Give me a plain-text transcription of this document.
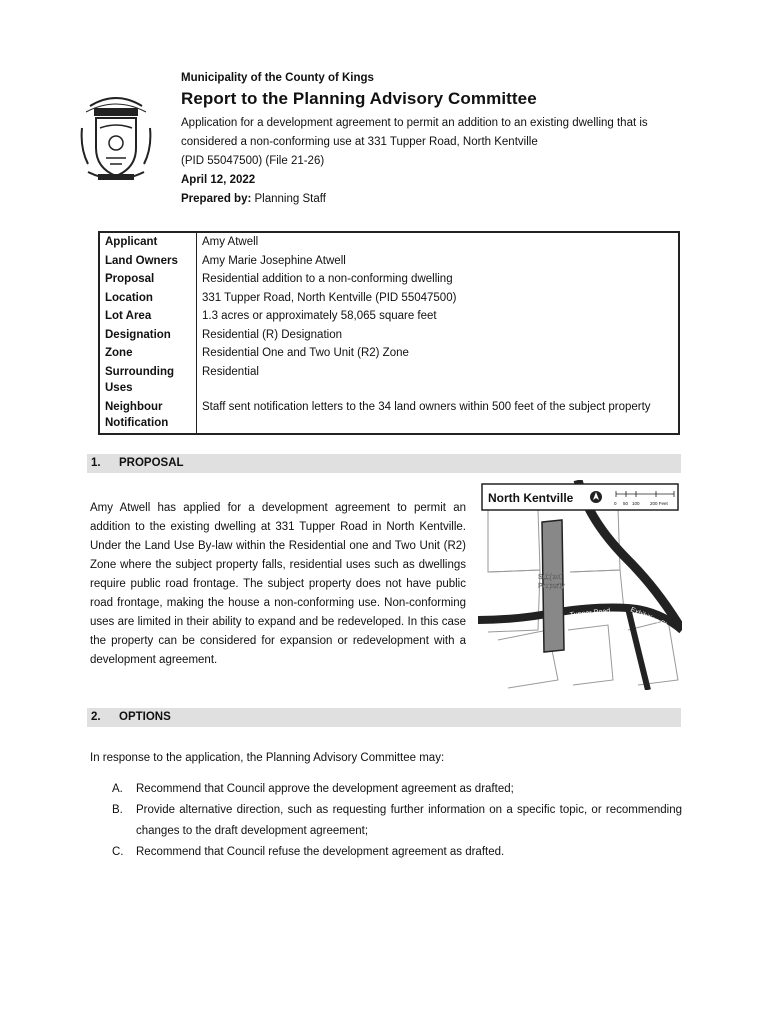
Municipality of the County of Kings

Report to the Planning Advisory Committee

Application for a development agreement to permit an addition to an existing dwelling that is considered a non-conforming use at 331 Tupper Road, North Kentville

(PID 55047500) (File 21-26)
April 12, 2022
Prepared by: Planning Staff
Applicant	Amy Atwell
Land Owners	Amy Marie Josephine Atwell
Proposal	Residential addition to a non-conforming dwelling
Location	331 Tupper Road, North Kentville (PID 55047500)
Lot Area	1.3 acres or approximately 58,065 square feet
Designation	Residential (R) Designation
Zone	Residential One and Two Unit (R2) Zone
Surrounding Uses	Residential
Neighbour Notification	Staff sent notification letters to the 34 land owners within 500 feet of the subject property
1. PROPOSAL

Amy Atwell has applied for a development agreement to permit an addition to the existing dwelling at 331 Tupper Road in North Kentville. Under the Land Use By-law within the Residential one and Two Unit (R2) Zone where the subject property falls, residential uses such as dwellings require public road frontage. The subject property does not have public road frontage, making the house a non-conforming use. Non-conforming uses are limited in their ability to expand and be redeveloped. In this case the property can be considered for expansion or redevelopment with a development agreement.

North Kentville	0 50 100 200 Feet
Subject
Property
Tupper Road	Exhibition St
2. OPTIONS

In response to the application, the Planning Advisory Committee may:

A. Recommend that Council approve the development agreement as drafted;
B. Provide alternative direction, such as requesting further information on a specific topic, or recommending changes to the draft development agreement;
C. Recommend that Council refuse the development agreement as drafted.
